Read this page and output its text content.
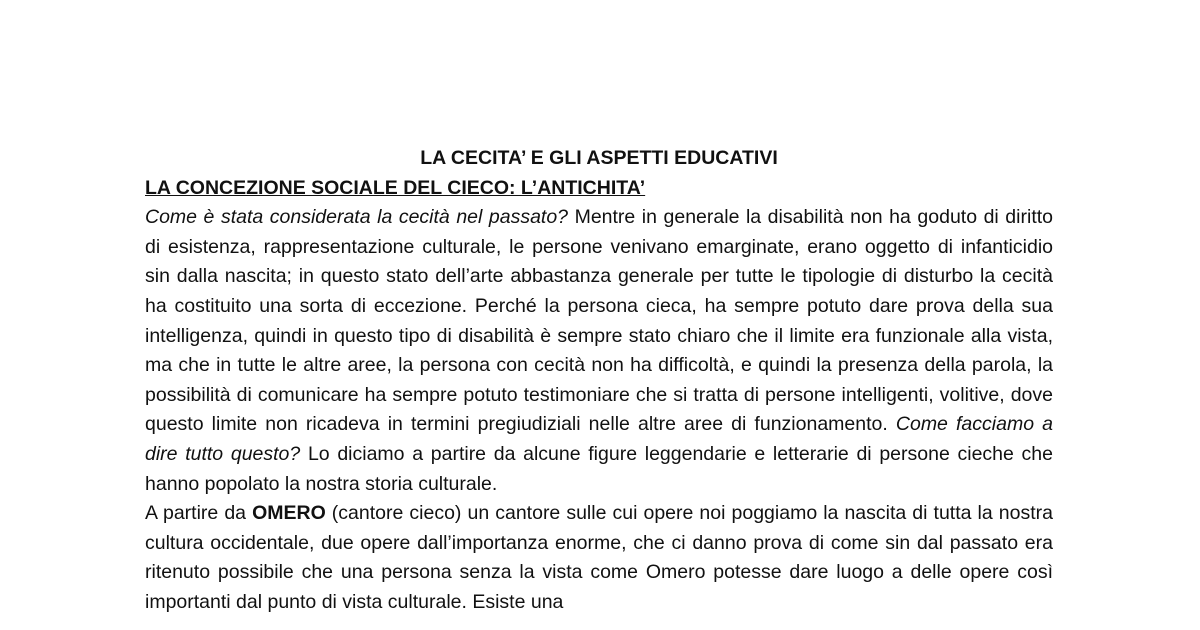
LA CECITA’ E GLI ASPETTI EDUCATIVI

LA CONCEZIONE SOCIALE DEL CIECO: L’ANTICHITA’

Come è stata considerata la cecità nel passato? Mentre in generale la disabilità non ha goduto di diritto di esistenza, rappresentazione culturale, le persone venivano emarginate, erano oggetto di infanticidio sin dalla nascita; in questo stato dell’arte abbastanza generale per tutte le tipologie di disturbo la cecità ha costituito una sorta di eccezione. Perché la persona cieca, ha sempre potuto dare prova della sua intelligenza, quindi in questo tipo di disabilità è sempre stato chiaro che il limite era funzionale alla vista, ma che in tutte le altre aree, la persona con cecità non ha difficoltà, e quindi la presenza della parola, la possibilità di comunicare ha sempre potuto testimoniare che si tratta di persone intelligenti, volitive, dove questo limite non ricadeva in termini pregiudiziali nelle altre aree di funzionamento. Come facciamo a dire tutto questo? Lo diciamo a partire da alcune figure leggendarie e letterarie di persone cieche che hanno popolato la nostra storia culturale.

A partire da OMERO (cantore cieco) un cantore sulle cui opere noi poggiamo la nascita di tutta la nostra cultura occidentale, due opere dall’importanza enorme, che ci danno prova di come sin dal passato era ritenuto possibile che una persona senza la vista come Omero potesse dare luogo a delle opere così importanti dal punto di vista culturale. Esiste una
